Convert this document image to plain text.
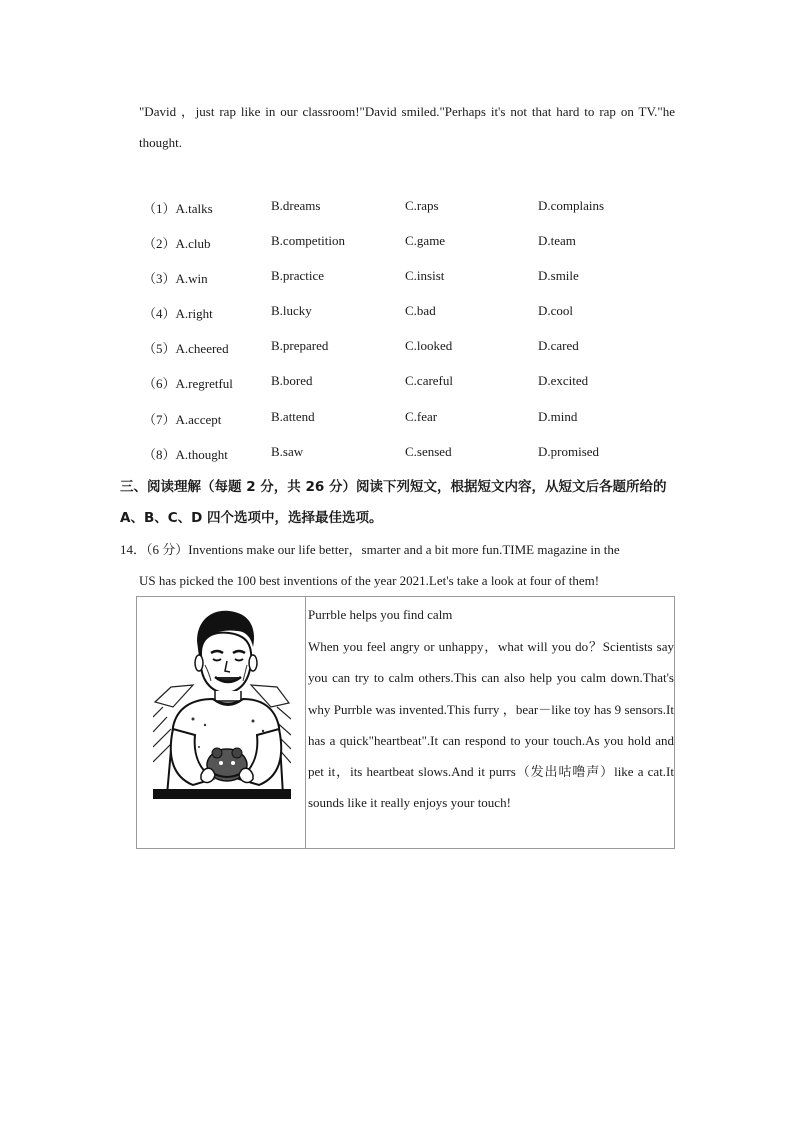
"David ，just rap like in our classroom!"David smiled."Perhaps it's not that hard to rap on TV."he thought.
（1）A.talks	B.dreams	C.raps	D.complains
（2）A.club	B.competition	C.game	D.team
（3）A.win	B.practice	C.insist	D.smile
（4）A.right	B.lucky	C.bad	D.cool
（5）A.cheered	B.prepared	C.looked	D.cared
（6）A.regretful	B.bored	C.careful	D.excited
（7）A.accept	B.attend	C.fear	D.mind
（8）A.thought	B.saw	C.sensed	D.promised
三、阅读理解（每题 2 分，共 26 分）阅读下列短文，根据短文内容，从短文后各题所给的
A、B、C、D 四个选项中，选择最佳选项。
14．（6 分）Inventions make our life better，smarter and a bit more fun.TIME magazine in the
US has picked the 100 best inventions of the year 2021.Let's take a look at four of them!
Purrble helps you find calm
When you feel angry or unhappy，what will you do？Scientists say you can try to calm others.This can also help you calm down.That's why Purrble was invented.This furry ，bear－like toy has 9 sensors.It has a quick"heartbeat".It can respond to your touch.As you hold and pet it，its heartbeat slows.And it purrs（发出咕噜声）like a cat.It sounds like it really enjoys your touch!
